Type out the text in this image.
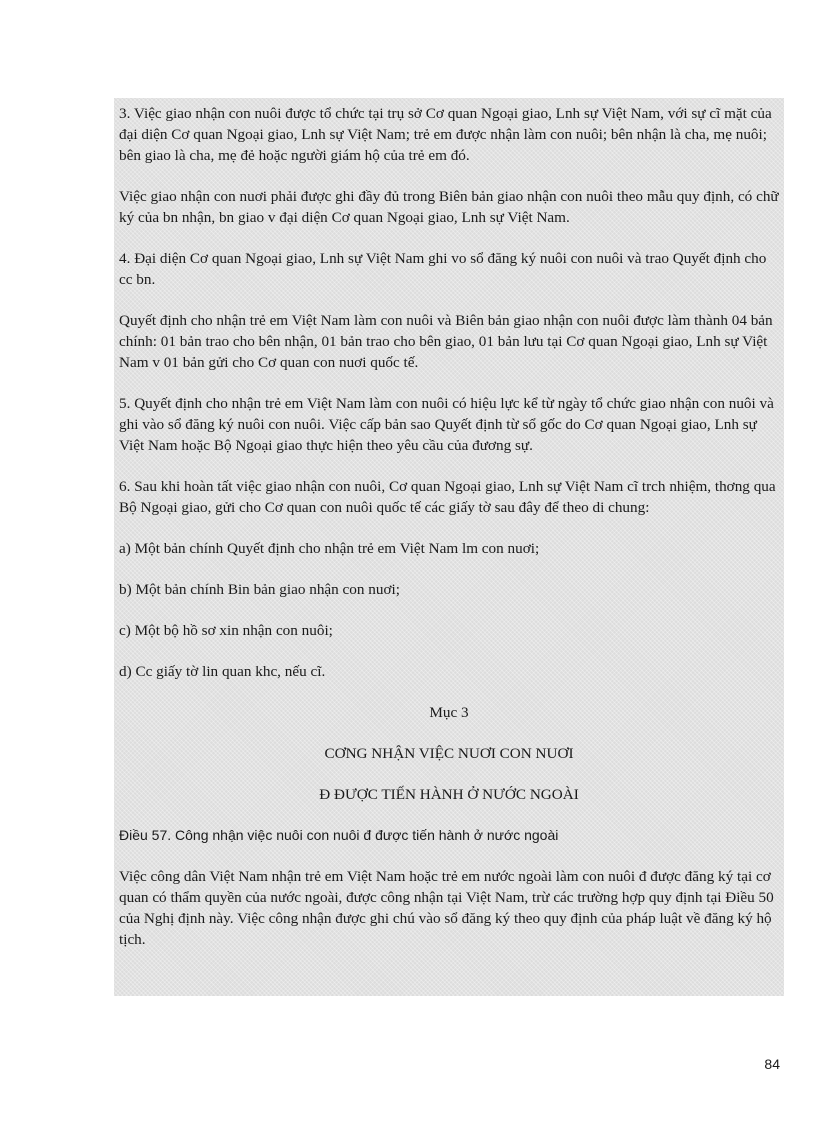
3. Việc giao nhận con nuôi được tổ chức tại trụ sở Cơ quan Ngoại giao, Lnh sự Việt Nam, với sự cĩ mặt của đại diện Cơ quan Ngoại giao, Lnh sự Việt Nam; trẻ em được nhận làm con nuôi; bên nhận là cha, mẹ nuôi; bên giao là cha, mẹ đẻ hoặc người giám hộ của trẻ em đó.

Việc giao nhận con nuơi phải được ghi đầy đủ trong Biên bản giao nhận con nuôi theo mẫu quy định, có chữ ký của bn nhận, bn giao v đại diện Cơ quan Ngoại giao, Lnh sự Việt Nam.

4. Đại diện Cơ quan Ngoại giao, Lnh sự Việt Nam ghi vo sổ đăng ký nuôi con nuôi và trao Quyết định cho cc bn.

Quyết định cho nhận trẻ em Việt Nam làm con nuôi và Biên bản giao nhận con nuôi được làm thành 04 bản chính: 01 bản trao cho bên nhận, 01 bản trao cho bên giao, 01 bản lưu tại Cơ quan Ngoại giao, Lnh sự Việt Nam v 01 bản gửi cho Cơ quan con nuơi quốc tế.

5. Quyết định cho nhận trẻ em Việt Nam làm con nuôi có hiệu lực kể từ ngày tổ chức giao nhận con nuôi và ghi vào sổ đăng ký nuôi con nuôi. Việc cấp bản sao Quyết định từ sổ gốc do Cơ quan Ngoại giao, Lnh sự Việt Nam hoặc Bộ Ngoại giao thực hiện theo yêu cầu của đương sự.

6. Sau khi hoàn tất việc giao nhận con nuôi, Cơ quan Ngoại giao, Lnh sự Việt Nam cĩ trch nhiệm, thơng qua Bộ Ngoại giao, gửi cho Cơ quan con nuôi quốc tế các giấy tờ sau đây để theo di chung:

a) Một bản chính Quyết định cho nhận trẻ em Việt Nam lm con nuơi;

b) Một bản chính Bin bản giao nhận con nuơi;

c) Một bộ hồ sơ xin nhận con nuôi;

d) Cc giấy tờ lin quan khc, nếu cĩ.

Mục 3

CƠNG NHẬN VIỆC NUƠI CON NUƠI

Đ ĐƯỢC TIẾN HÀNH Ở NƯỚC NGOÀI

Điều 57. Công nhận việc nuôi con nuôi đ được tiến hành ở nước ngoài

Việc công dân Việt Nam nhận trẻ em Việt Nam hoặc trẻ em nước ngoài làm con nuôi đ được đăng ký tại cơ quan có thẩm quyền của nước ngoài, được công nhận tại Việt Nam, trừ các trường hợp quy định tại Điều 50 của Nghị định này. Việc công nhận được ghi chú vào sổ đăng ký theo quy định của pháp luật về đăng ký hộ tịch.

84
